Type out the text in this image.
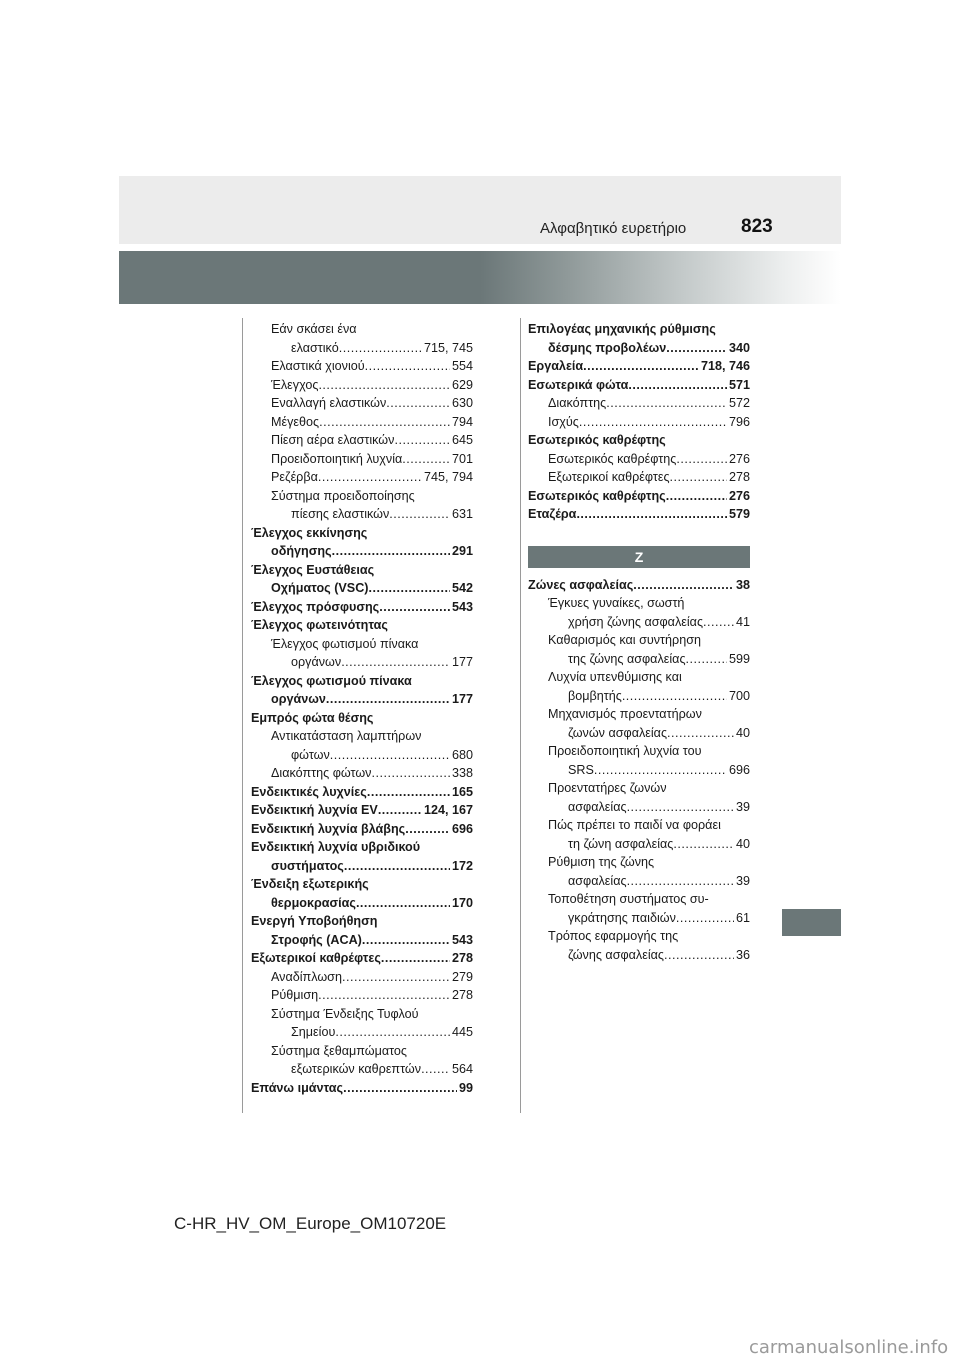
Αλφαβητικό ευρετήριο	823
Εάν σκάσει ένα
ελαστικό .....	715, 745
Ελαστικά χιονιού .....	554
Έλεγχος .....	629
Εναλλαγή ελαστικών .....	630
Μέγεθος .....	794
Πίεση αέρα ελαστικών .....	645
Προειδοποιητική λυχνία .....	701
Ρεζέρβα .....	745, 794
Σύστημα προειδοποίησης
πίεσης ελαστικών .....	631
Έλεγχος εκκίνησης
οδήγησης .....	291
Έλεγχος Ευστάθειας
Οχήματος (VSC) .....	542
Έλεγχος πρόσφυσης .....	543
Έλεγχος φωτεινότητας
Έλεγχος φωτισμού πίνακα
οργάνων .....	177
Έλεγχος φωτισμού πίνακα
οργάνων .....	177
Εμπρός φώτα θέσης
Αντικατάσταση λαμπτήρων
φώτων .....	680
Διακόπτης φώτων .....	338
Ενδεικτικές λυχνίες .....	165
Ενδεικτική λυχνία EV .....	124, 167
Ενδεικτική λυχνία βλάβης .....	696
Ενδεικτική λυχνία υβριδικού
συστήματος .....	172
Ένδειξη εξωτερικής
θερμοκρασίας .....	170
Ενεργή Υποβοήθηση
Στροφής (ACA) .....	543
Εξωτερικοί καθρέφτες .....	278
Αναδίπλωση .....	279
Ρύθμιση .....	278
Σύστημα Ένδειξης Τυφλού
Σημείου .....	445
Σύστημα ξεθαμπώματος
εξωτερικών καθρεπτών ..... 564
Επάνω ιμάντας .....	99
Επιλογέας μηχανικής ρύθμισης
δέσμης προβολέων .....	340
Εργαλεία .....	718, 746
Εσωτερικά φώτα .....	571
Διακόπτης .....	572
Ισχύς .....	796
Εσωτερικός καθρέφτης
Εσωτερικός καθρέφτης .....	276
Εξωτερικοί καθρέφτες .....	278
Εσωτερικός καθρέφτης .....	276
Εταζέρα .....	579
Ζ
Ζώνες ασφαλείας .....	38
Έγκυες γυναίκες, σωστή
χρήση ζώνης ασφαλείας .....	41
Καθαρισμός και συντήρηση
της ζώνης ασφαλείας .....	599
Λυχνία υπενθύμισης και
βομβητής .....	700
Μηχανισμός προεντατήρων
ζωνών ασφαλείας .....	40
Προειδοποιητική λυχνία του
SRS .....	696
Προεντατήρες ζωνών
ασφαλείας .....	39
Πώς πρέπει το παιδί να φοράει
τη ζώνη ασφαλείας .....	40
Ρύθμιση της ζώνης
ασφαλείας .....	39
Τοποθέτηση συστήματος συ-
γκράτησης παιδιών .....	61
Τρόπος εφαρμογής της
ζώνης ασφαλείας .....	36
C-HR_HV_OM_Europe_OM10720E
carmanualsonline.info
